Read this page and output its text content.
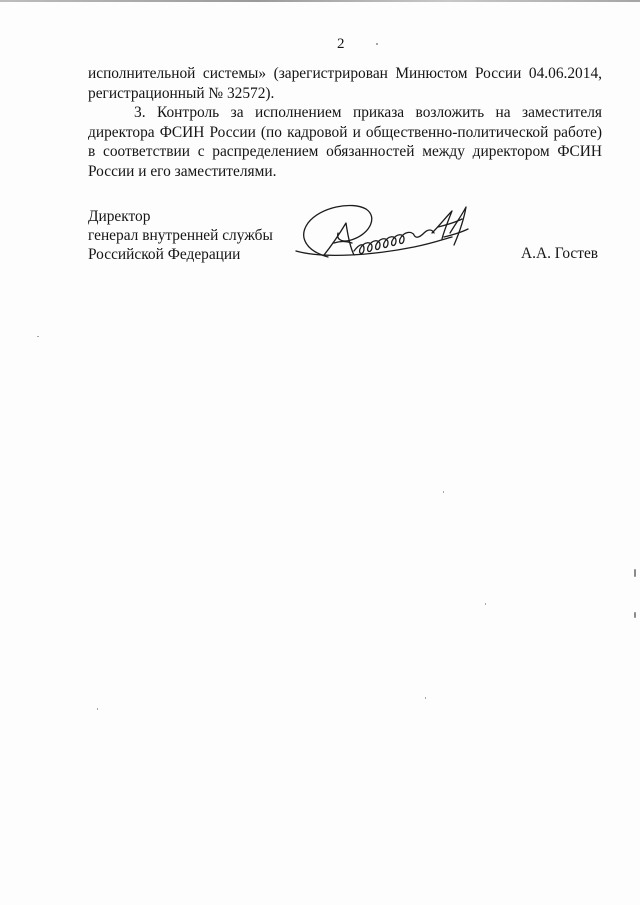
2

исполнительной системы» (зарегистрирован Минюстом России 04.06.2014, регистрационный № 32572).

3. Контроль за исполнением приказа возложить на заместителя директора ФСИН России (по кадровой и общественно-политической работе) в соответствии с распределением обязанностей между директором ФСИН России и его заместителями.

Директор
генерал внутренней службы
Российской Федерации	А.А. Гостев
